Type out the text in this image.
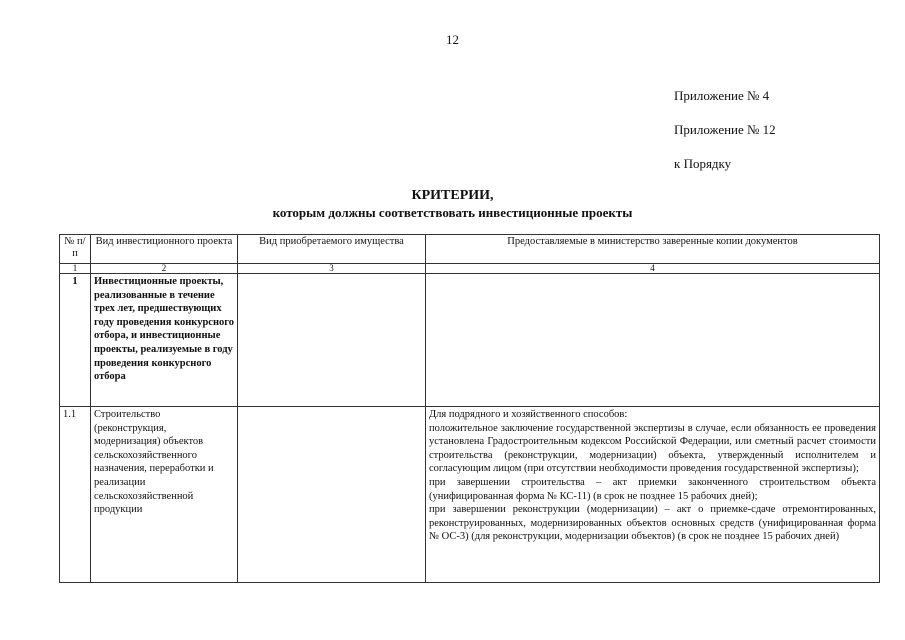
12
Приложение № 4
Приложение № 12
к Порядку
КРИТЕРИИ,
которым должны соответствовать инвестиционные проекты
№ п/п	Вид инвестиционного проекта	Вид приобретаемого имущества	Предоставляемые в министерство заверенные копии документов
1	2	3	4
1	Инвестиционные проекты, реализованные в течение трех лет, предшествующих году проведения конкурсного отбора, и инвестиционные проекты, реализуемые в году проведения конкурсного отбора		
1.1	Строительство (реконструкция, модернизация) объектов сельскохозяйственного назначения, переработки и реализации сельскохозяйственной продукции		Для подрядного и хозяйственного способов:
положительное заключение государственной экспертизы в случае, если обязанность ее проведения установлена Градостроительным кодексом Российской Федерации, или сметный расчет стоимости строительства (реконструкции, модернизации) объекта, утвержденный исполнителем и согласующим лицом (при отсутствии необходимости проведения государственной экспертизы);
при завершении строительства – акт приемки законченного строительством объекта (унифицированная форма № КС-11) (в срок не позднее 15 рабочих дней);
при завершении реконструкции (модернизации) – акт о приемке-сдаче отремонтированных, реконструированных, модернизированных объектов основных средств (унифицированная форма № ОС-3) (для реконструкции, модернизации объектов) (в срок не позднее 15 рабочих дней)
